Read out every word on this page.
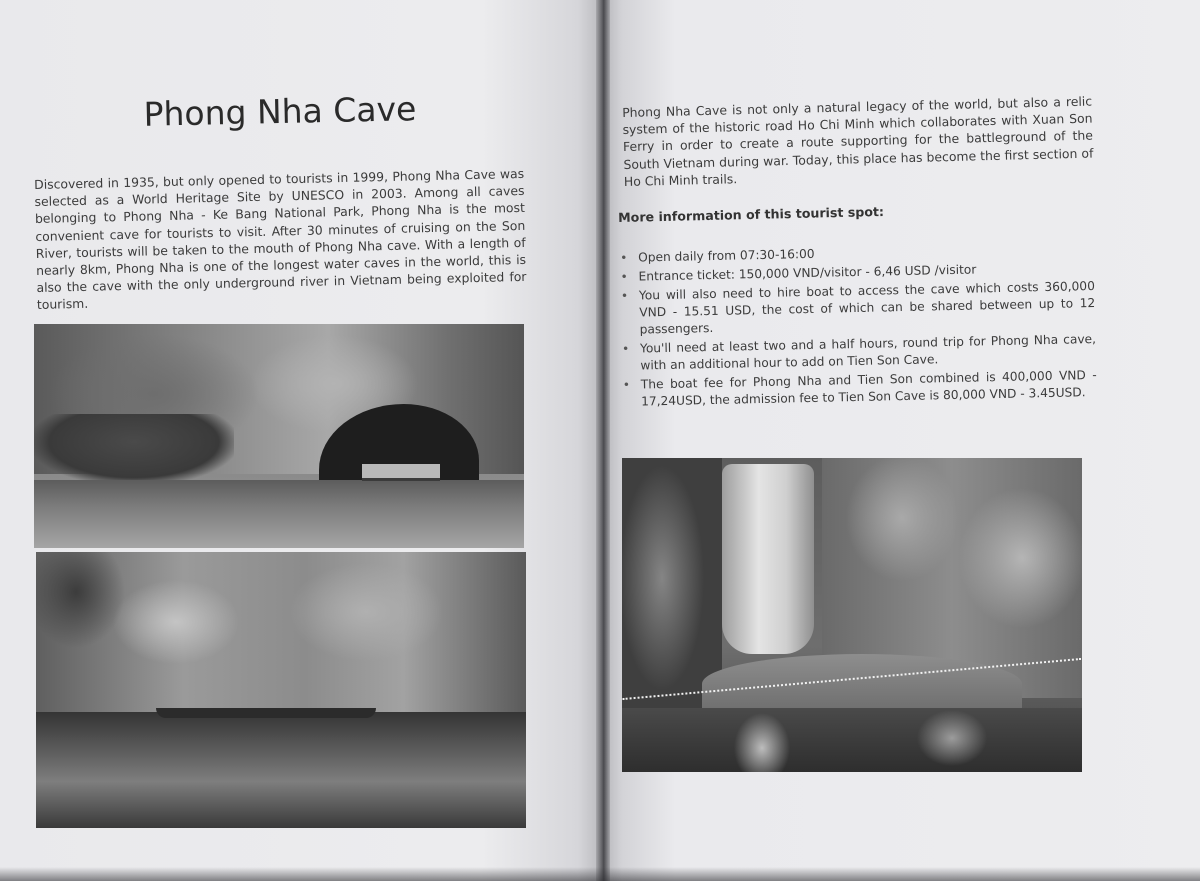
Phong Nha Cave
Discovered in 1935, but only opened to tourists in 1999, Phong Nha Cave was selected as a World Heritage Site by UNESCO in 2003. Among all caves belonging to Phong Nha - Ke Bang National Park, Phong Nha is the most convenient cave for tourists to visit. After 30 minutes of cruising on the Son River, tourists will be taken to the mouth of Phong Nha cave. With a length of nearly 8km, Phong Nha is one of the longest water caves in the world, this is also the cave with the only underground river in Vietnam being exploited for tourism.
Phong Nha Cave is not only a natural legacy of the world, but also a relic system of the historic road Ho Chi Minh which collaborates with Xuan Son Ferry in order to create a route supporting for the battleground of the South Vietnam during war. Today, this place has become the first section of Ho Chi Minh trails.
More information of this tourist spot:
• Open daily from 07:30-16:00
• Entrance ticket: 150,000 VND/visitor - 6,46 USD /visitor
• You will also need to hire boat to access the cave which costs 360,000 VND - 15.51 USD, the cost of which can be shared between up to 12 passengers.
• You'll need at least two and a half hours, round trip for Phong Nha cave, with an additional hour to add on Tien Son Cave.
• The boat fee for Phong Nha and Tien Son combined is 400,000 VND - 17,24USD, the admission fee to Tien Son Cave is 80,000 VND - 3.45USD.
